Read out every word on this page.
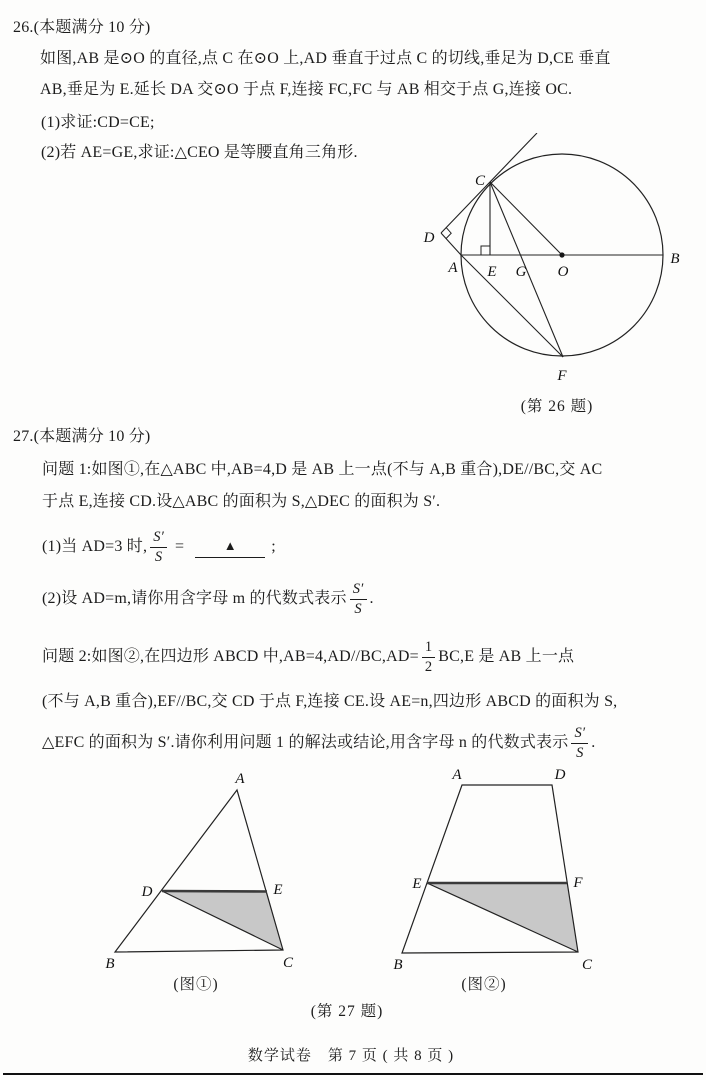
26.(本题满分 10 分)
如图,AB 是⊙O 的直径,点 C 在⊙O 上,AD 垂直于过点 C 的切线,垂足为 D,CE 垂直
AB,垂足为 E.延长 DA 交⊙O 于点 F,连接 FC,FC 与 AB 相交于点 G,连接 OC.
(1)求证:CD=CE;
(2)若 AE=GE,求证:△CEO 是等腰直角三角形.
C
D
A E G O
B
F
(第 26 题)
27.(本题满分 10 分)
问题 1:如图①,在△ABC 中,AB=4,D 是 AB 上一点(不与 A,B 重合),DE//BC,交 AC
于点 E,连接 CD.设△ABC 的面积为 S,△DEC 的面积为 S′.
(1)当 AD=3 时, $\frac{S'}{S}$ =	▲	;
(2)设 AD=m,请你用含字母 m 的代数式表示 $\frac{S'}{S}$ .
问题 2:如图②,在四边形 ABCD 中$,AB=4,AD//BC,AD= \frac{1}{2} BC,E$ 是 AB 上一点
(不与 A,B 重合),EF//BC,交 CD 于点 F,连接 CE.设 AE=n,四边形 ABCD 的面积为 S,
△EFC 的面积为 S′.请你利用问题 1 的解法或结论,用含字母 n 的代数式表示 $\frac{S'}{S}$ .
A
B	C
D	E
(图①)
A	D
B	C
E	F
(图②)
(第 27 题)
数学试卷　第 7 页 ( 共 8 页 )
